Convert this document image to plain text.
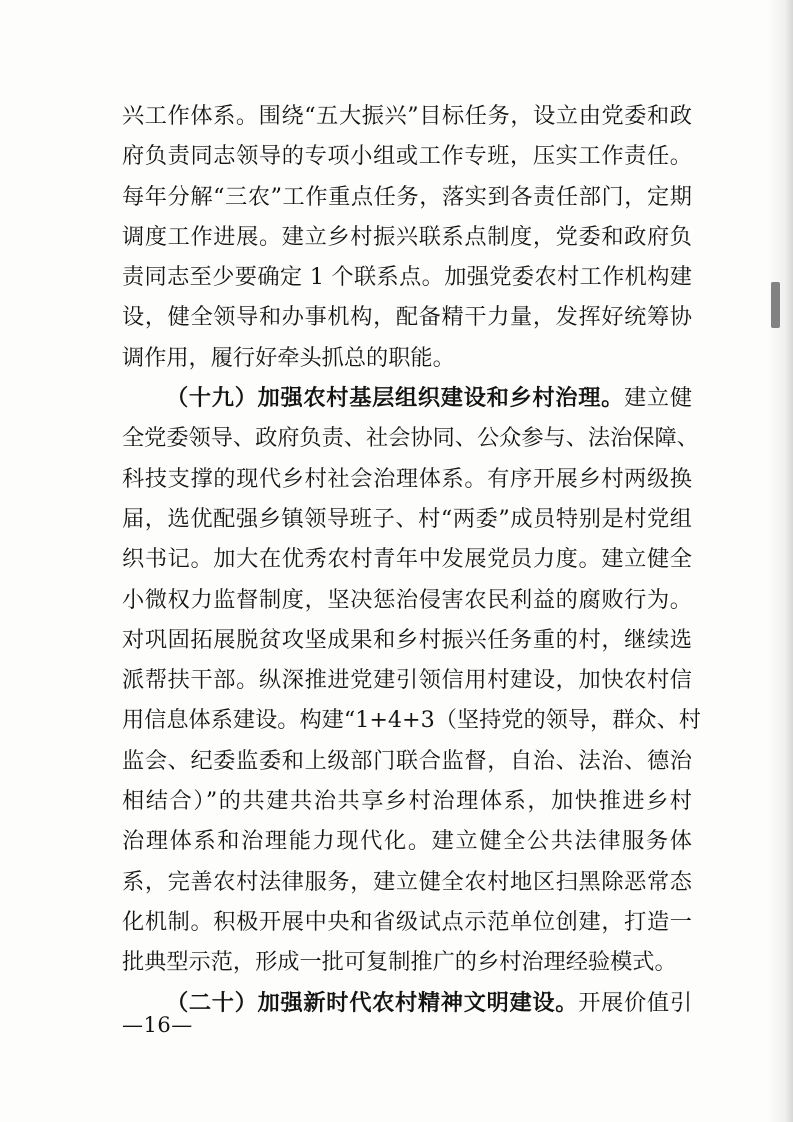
兴工作体系。围绕“五大振兴”目标任务，设立由党委和政
府负责同志领导的专项小组或工作专班，压实工作责任。
每年分解“三农”工作重点任务，落实到各责任部门，定期
调度工作进展。建立乡村振兴联系点制度，党委和政府负
责同志至少要确定 1 个联系点。加强党委农村工作机构建
设，健全领导和办事机构，配备精干力量，发挥好统筹协
调作用，履行好牵头抓总的职能。
（十九）加强农村基层组织建设和乡村治理。建立健
全党委领导、政府负责、社会协同、公众参与、法治保障、
科技支撑的现代乡村社会治理体系。有序开展乡村两级换
届，选优配强乡镇领导班子、村“两委”成员特别是村党组
织书记。加大在优秀农村青年中发展党员力度。建立健全
小微权力监督制度，坚决惩治侵害农民利益的腐败行为。
对巩固拓展脱贫攻坚成果和乡村振兴任务重的村，继续选
派帮扶干部。纵深推进党建引领信用村建设，加快农村信
用信息体系建设。构建“1+4+3（坚持党的领导，群众、村
监会、纪委监委和上级部门联合监督，自治、法治、德治
相结合）”的共建共治共享乡村治理体系，加快推进乡村
治理体系和治理能力现代化。建立健全公共法律服务体
系，完善农村法律服务，建立健全农村地区扫黑除恶常态
化机制。积极开展中央和省级试点示范单位创建，打造一
批典型示范，形成一批可复制推广的乡村治理经验模式。
（二十）加强新时代农村精神文明建设。开展价值引
—16—
